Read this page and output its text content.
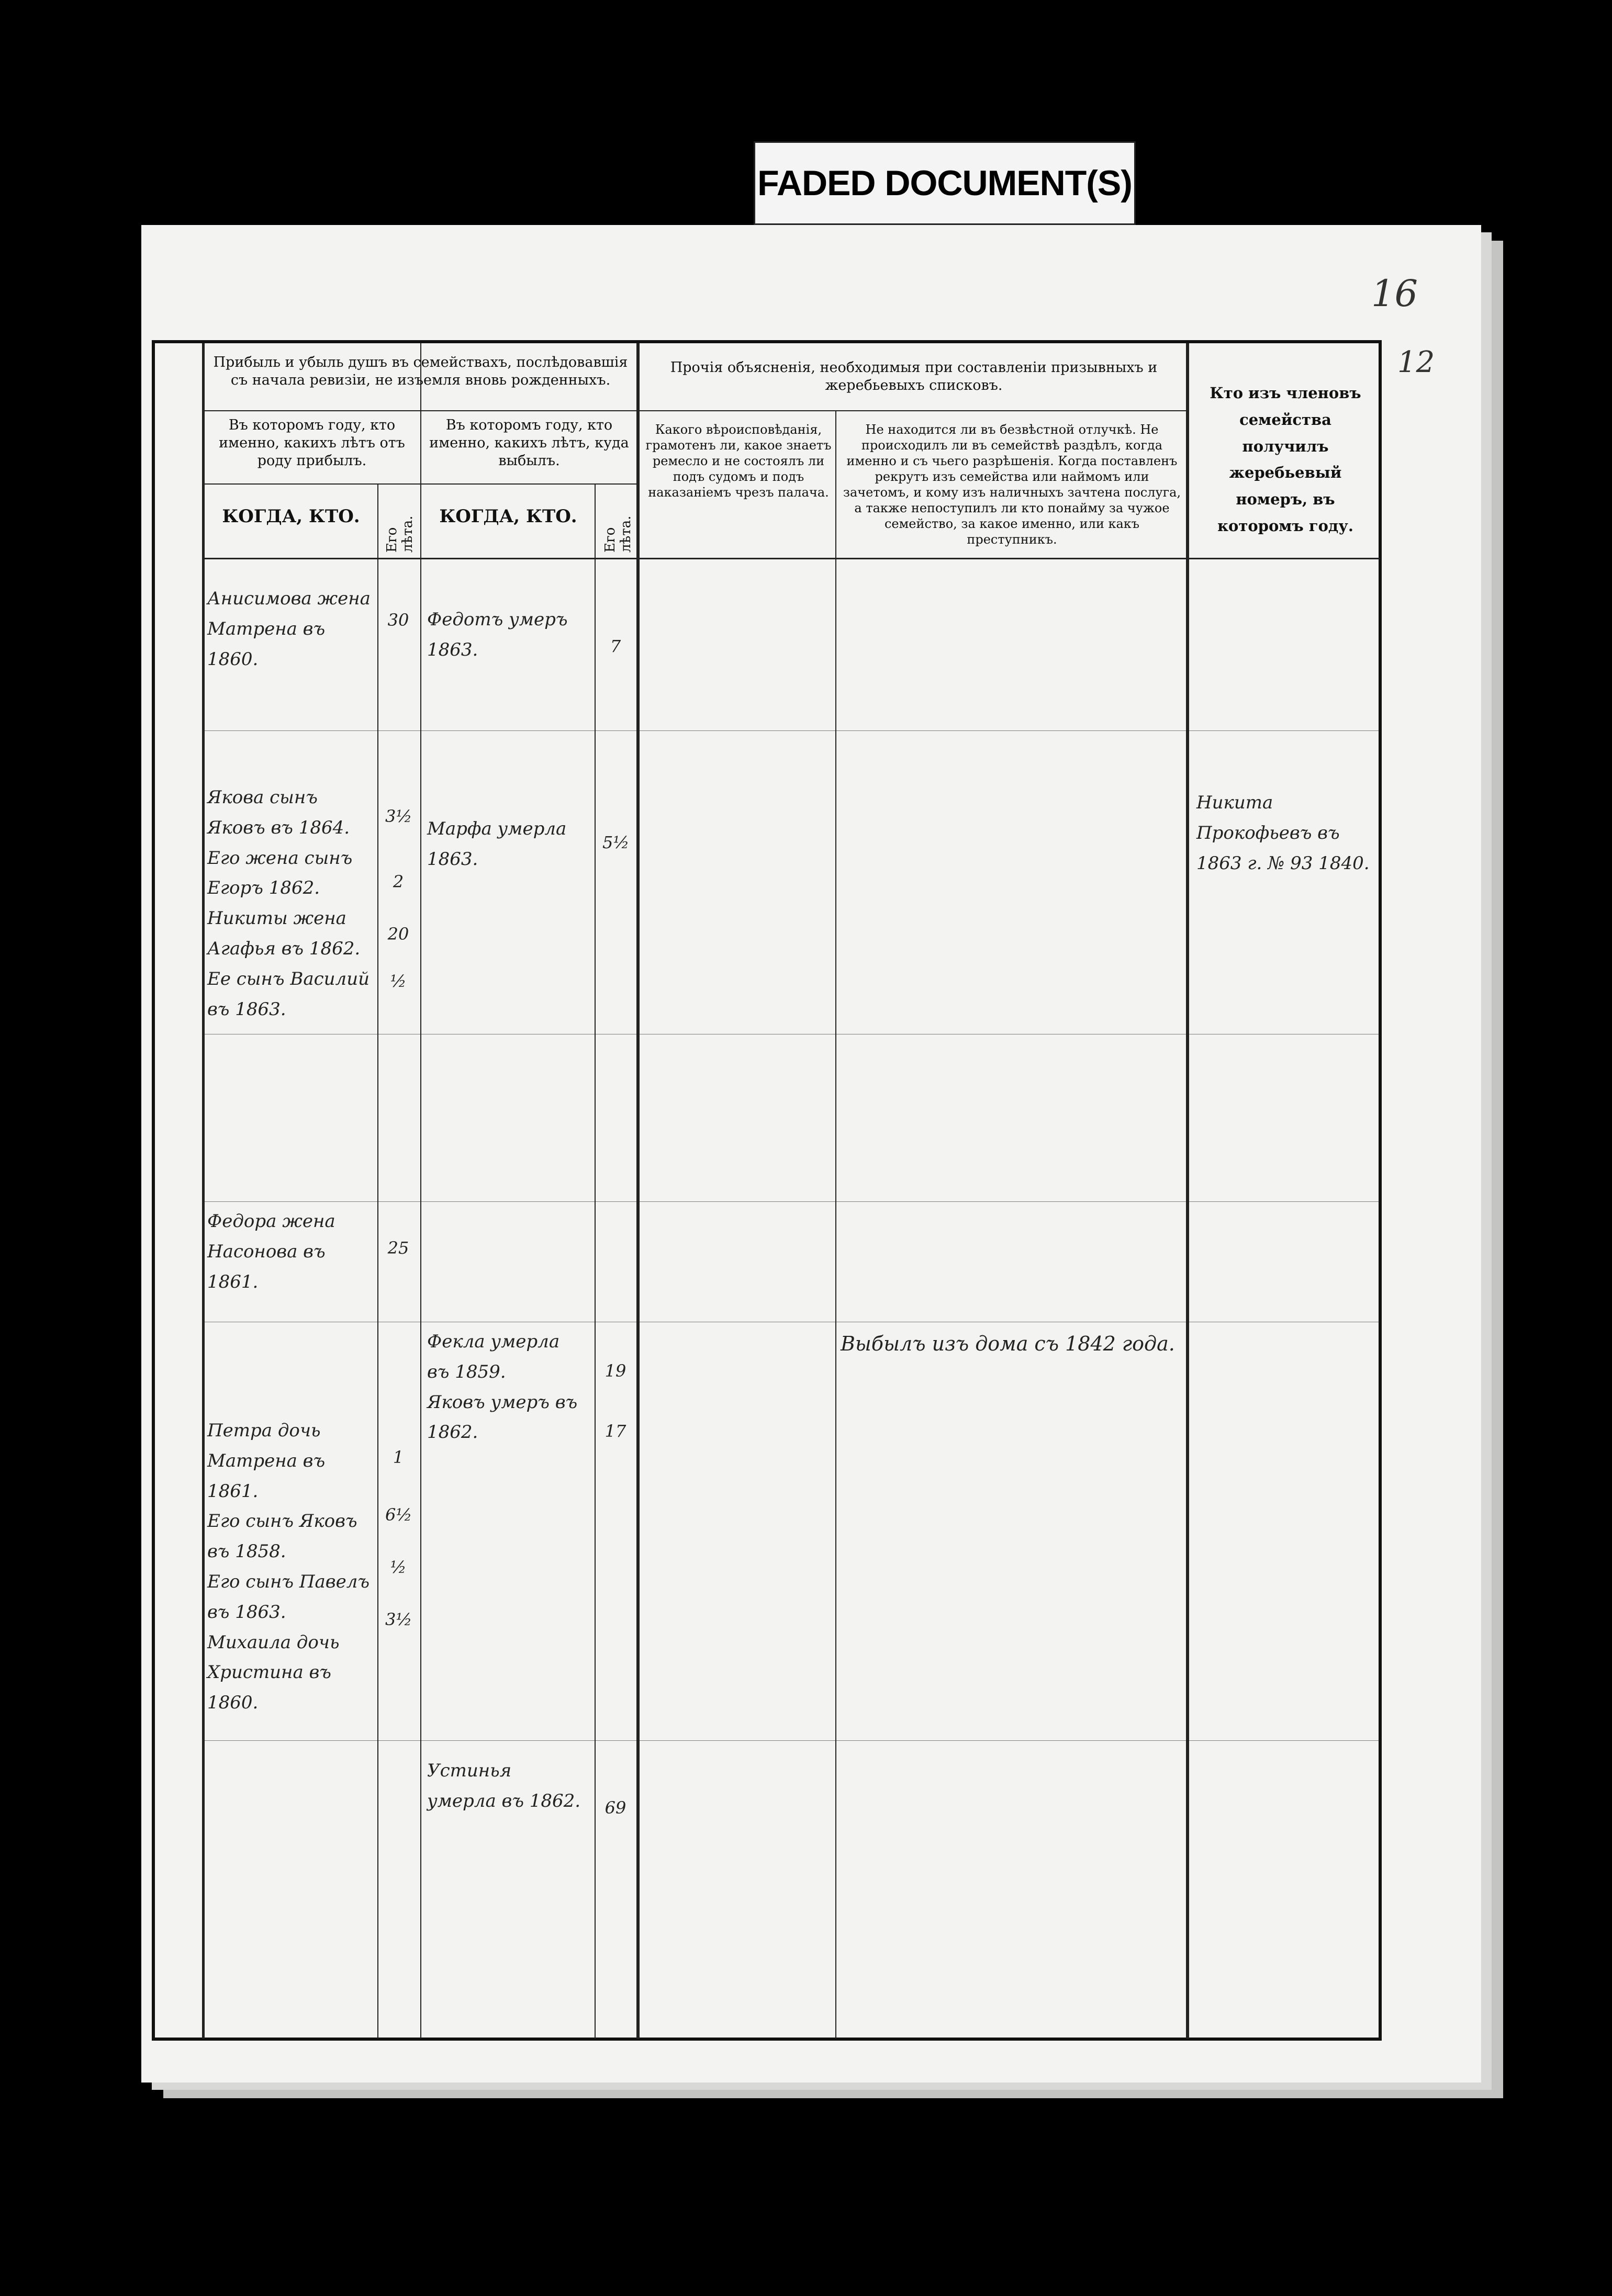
FADED DOCUMENT(S)
16
12
Прибыль и убыль душъ въ семействахъ, послѣдовавшія съ начала ревизіи, не изъемля вновь рожденныхъ.
Въ которомъ году, кто именно, какихъ лѣтъ отъ роду прибылъ.
Въ которомъ году, кто именно, какихъ лѣтъ, куда выбылъ.
КОГДА, КТО.
Его лѣта.	КОГДА, КТО.
Его лѣта.
Прочія объясненія, необходимыя при составленіи призывныхъ и жеребьевыхъ списковъ.
Какого вѣроисповѣданія, грамотенъ ли, какое знаетъ ремесло и не состоялъ ли подъ судомъ и подъ наказаніемъ чрезъ палача.
Не находится ли въ безвѣстной отлучкѣ. Не происходилъ ли въ семействѣ раздѣлъ, когда именно и съ чьего разрѣшенія. Когда поставленъ рекрутъ изъ семейства или наймомъ или зачетомъ, и кому изъ наличныхъ зачтена послуга, а также непоступилъ ли кто понайму за чужое семейство, за какое именно, или какъ преступникъ.
Кто изъ членовъ семейства получилъ жеребьевый номеръ, въ которомъ году.
Анисимова жена Матрена въ 1860.
30 Федотъ умеръ 1863.	7
Якова сынъ Яковъ въ 1864.
Его жена сынъ Егоръ 1862.
Никиты жена Агафья въ 1862.
Ее сынъ Василий въ 1863.
3½
2
20
½
Марфа умерла 1863.
5½
Никита Прокофьевъ въ 1863 г. № 93 1840.
Федора жена Насонова въ 1861.
25
Петра дочь Матрена въ 1861.
Его сынъ Яковъ въ 1858.
Его сынъ Павелъ въ 1863.
Михаила дочь Христина въ 1860.
1
6½
½
3½
Фекла умерла въ 1859.
Яковъ умеръ въ 1862.
19
17
Выбылъ изъ дома съ 1842 года.
Устинья умерла въ 1862. 69
